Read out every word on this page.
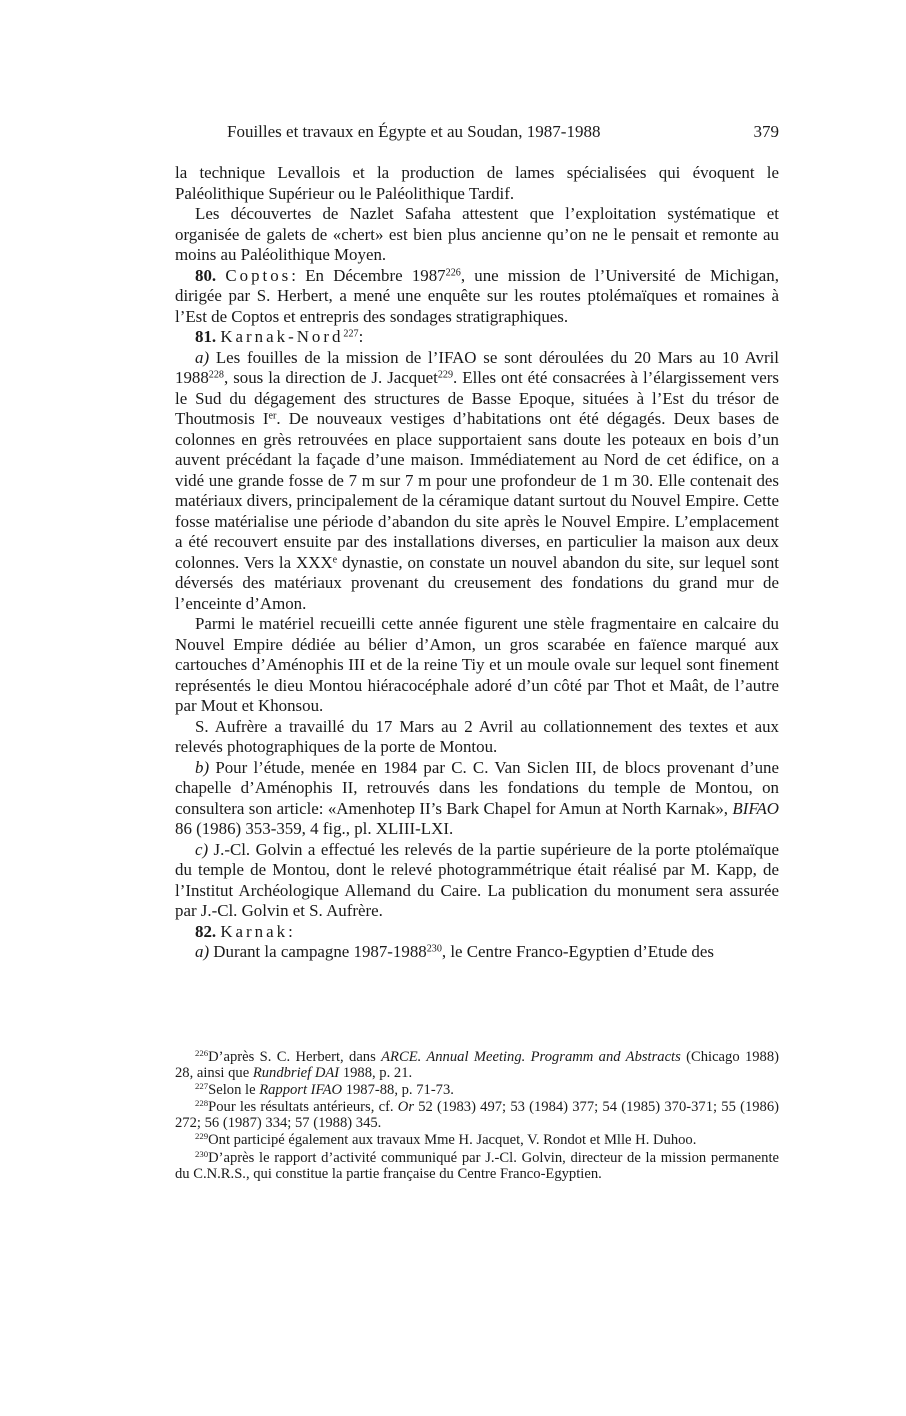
Fouilles et travaux en Égypte et au Soudan, 1987-1988	379

la technique Levallois et la production de lames spécialisées qui évoquent le Paléolithique Supérieur ou le Paléolithique Tardif.

Les découvertes de Nazlet Safaha attestent que l’exploitation systématique et organisée de galets de «chert» est bien plus ancienne qu’on ne le pensait et remonte au moins au Paléolithique Moyen.

80. Coptos: En Décembre 1987$^{226}$, une mission de l’Université de Michigan, dirigée par S. Herbert, a mené une enquête sur les routes ptolémaïques et romaines à l’Est de Coptos et entrepris des sondages stratigraphiques.

81. Karnak-Nord$^{227}$:

a) Les fouilles de la mission de l’IFAO se sont déroulées du 20 Mars au 10 Avril 1988$^{228}$, sous la direction de J. Jacquet$^{229}$. Elles ont été consacrées à l’élargissement vers le Sud du dégagement des structures de Basse Epoque, situées à l’Est du trésor de Thoutmosis Ier. De nouveaux vestiges d’habitations ont été dégagés. Deux bases de colonnes en grès retrouvées en place supportaient sans doute les poteaux en bois d’un auvent précédant la façade d’une maison. Immédiatement au Nord de cet édifice, on a vidé une grande fosse de 7 m sur 7 m pour une profondeur de 1 m 30. Elle contenait des matériaux divers, principalement de la céramique datant surtout du Nouvel Empire. Cette fosse matérialise une période d’abandon du site après le Nouvel Empire. L’emplacement a été recouvert ensuite par des installations diverses, en particulier la maison aux deux colonnes. Vers la XXXe dynastie, on constate un nouvel abandon du site, sur lequel sont déversés des matériaux provenant du creusement des fondations du grand mur de l’enceinte d’Amon.

Parmi le matériel recueilli cette année figurent une stèle fragmentaire en calcaire du Nouvel Empire dédiée au bélier d’Amon, un gros scarabée en faïence marqué aux cartouches d’Aménophis III et de la reine Tiy et un moule ovale sur lequel sont finement représentés le dieu Montou hiéracocéphale adoré d’un côté par Thot et Maât, de l’autre par Mout et Khonsou.

S. Aufrère a travaillé du 17 Mars au 2 Avril au collationnement des textes et aux relevés photographiques de la porte de Montou.

b) Pour l’étude, menée en 1984 par C. C. Van Siclen III, de blocs provenant d’une chapelle d’Aménophis II, retrouvés dans les fondations du temple de Montou, on consultera son article: «Amenhotep II’s Bark Chapel for Amun at North Karnak», BIFAO 86 (1986) 353-359, 4 fig., pl. XLIII-LXI.

c) J.-Cl. Golvin a effectué les relevés de la partie supérieure de la porte ptolémaïque du temple de Montou, dont le relevé photogrammétrique était réalisé par M. Kapp, de l’Institut Archéologique Allemand du Caire. La publication du monument sera assurée par J.-Cl. Golvin et S. Aufrère.

82. Karnak:

a) Durant la campagne 1987-1988$^{230}$, le Centre Franco-Egyptien d’Etude des

$^{226}$D’après S. C. Herbert, dans ARCE. Annual Meeting. Programm and Abstracts (Chicago 1988) 28, ainsi que Rundbrief DAI 1988, p. 21.

$^{227}$Selon le Rapport IFAO 1987-88, p. 71-73.

$^{228}$Pour les résultats antérieurs, cf. Or 52 (1983) 497; 53 (1984) 377; 54 (1985) 370-371; 55 (1986) 272; 56 (1987) 334; 57 (1988) 345.

$^{229}$Ont participé également aux travaux Mme H. Jacquet, V. Rondot et Mlle H. Duhoo.

$^{230}$D’après le rapport d’activité communiqué par J.-Cl. Golvin, directeur de la mission permanente du C.N.R.S., qui constitue la partie française du Centre Franco-Egyptien.
